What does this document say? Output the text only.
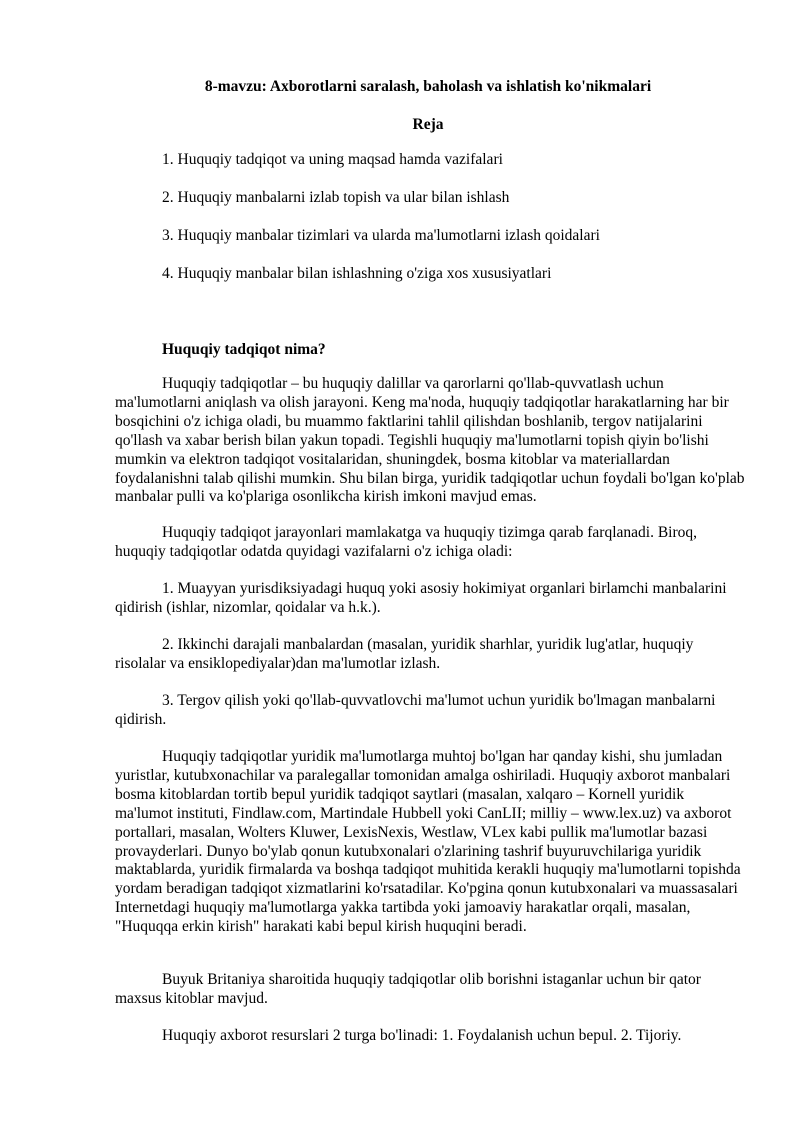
8-mavzu: Axborotlarni saralash, baholash va ishlatish ko'nikmalari
Reja
1. Huquqiy tadqiqot va uning maqsad hamda vazifalari
2. Huquqiy manbalarni izlab topish va ular bilan ishlash
3. Huquqiy manbalar tizimlari va ularda ma'lumotlarni izlash qoidalari
4. Huquqiy manbalar bilan ishlashning o'ziga xos xususiyatlari
Huquqiy tadqiqot nima?

Huquqiy tadqiqotlar – bu huquqiy dalillar va qarorlarni qo'llab-quvvatlash uchun ma'lumotlarni aniqlash va olish jarayoni. Keng ma'noda, huquqiy tadqiqotlar harakatlarning har bir bosqichini o'z ichiga oladi, bu muammo faktlarini tahlil qilishdan boshlanib, tergov natijalarini qo'llash va xabar berish bilan yakun topadi. Tegishli huquqiy ma'lumotlarni topish qiyin bo'lishi mumkin va elektron tadqiqot vositalaridan, shuningdek, bosma kitoblar va materiallardan foydalanishni talab qilishi mumkin. Shu bilan birga, yuridik tadqiqotlar uchun foydali bo'lgan ko'plab manbalar pulli va ko'plariga osonlikcha kirish imkoni mavjud emas.

Huquqiy tadqiqot jarayonlari mamlakatga va huquqiy tizimga qarab farqlanadi. Biroq, huquqiy tadqiqotlar odatda quyidagi vazifalarni o'z ichiga oladi:

1. Muayyan yurisdiksiyadagi huquq yoki asosiy hokimiyat organlari birlamchi manbalarini qidirish (ishlar, nizomlar, qoidalar va h.k.).

2. Ikkinchi darajali manbalardan (masalan, yuridik sharhlar, yuridik lug'atlar, huquqiy risolalar va ensiklopediyalar)dan ma'lumotlar izlash.

3. Tergov qilish yoki qo'llab-quvvatlovchi ma'lumot uchun yuridik bo'lmagan manbalarni qidirish.

Huquqiy tadqiqotlar yuridik ma'lumotlarga muhtoj bo'lgan har qanday kishi, shu jumladan yuristlar, kutubxonachilar va paralegallar tomonidan amalga oshiriladi. Huquqiy axborot manbalari bosma kitoblardan tortib bepul yuridik tadqiqot saytlari (masalan, xalqaro – Kornell yuridik ma'lumot instituti, Findlaw.com, Martindale Hubbell yoki CanLII; milliy – www.lex.uz) va axborot portallari, masalan, Wolters Kluwer, LexisNexis, Westlaw, VLex kabi pullik ma'lumotlar bazasi provayderlari. Dunyo bo'ylab qonun kutubxonalari o'zlarining tashrif buyuruvchilariga yuridik maktablarda, yuridik firmalarda va boshqa tadqiqot muhitida kerakli huquqiy ma'lumotlarni topishda yordam beradigan tadqiqot xizmatlarini ko'rsatadilar. Ko'pgina qonun kutubxonalari va muassasalari Internetdagi huquqiy ma'lumotlarga yakka tartibda yoki jamoaviy harakatlar orqali, masalan, "Huquqqa erkin kirish" harakati kabi bepul kirish huquqini beradi.

Buyuk Britaniya sharoitida huquqiy tadqiqotlar olib borishni istaganlar uchun bir qator maxsus kitoblar mavjud.

Huquqiy axborot resurslari 2 turga bo'linadi: 1. Foydalanish uchun bepul. 2. Tijoriy.
